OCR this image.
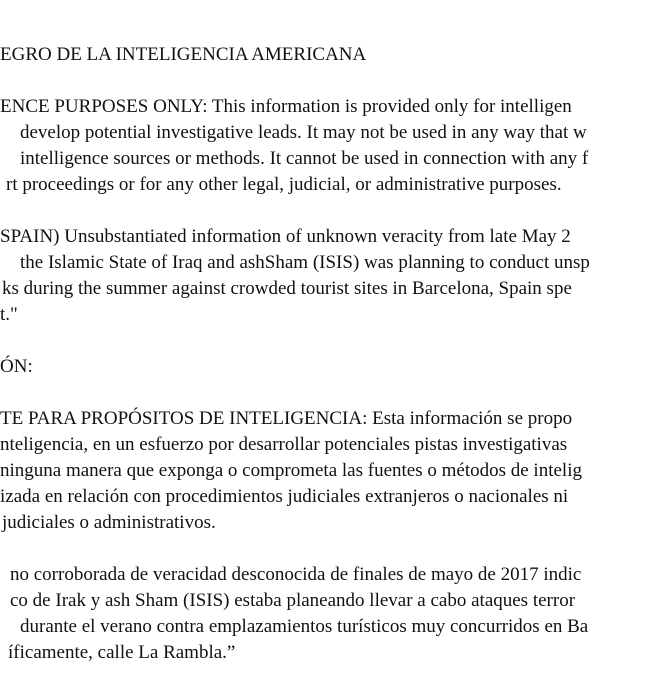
EGRO DE LA INTELIGENCIA AMERICANA
ENCE PURPOSES ONLY: This information is provided only for intelligen
develop potential investigative leads. It may not be used in any way that w
intelligence sources or methods. It cannot be used in connection with any f
rt proceedings or for any other legal, judicial, or administrative purposes.
SPAIN) Unsubstantiated information of unknown veracity from late May 2
the Islamic State of Iraq and ashSham (ISIS) was planning to conduct unsp
ks during the summer against crowded tourist sites in Barcelona, Spain spe
t."
ÓN:
TE PARA PROPÓSITOS DE INTELIGENCIA: Esta información se propo
nteligencia, en un esfuerzo por desarrollar potenciales pistas investigativas
ninguna manera que exponga o comprometa las fuentes o métodos de intelig
izada en relación con procedimientos judiciales extranjeros o nacionales ni
judiciales o administrativos.
no corroborada de veracidad desconocida de finales de mayo de 2017 indic
co de Irak y ash Sham (ISIS) estaba planeando llevar a cabo ataques terror
durante el verano contra emplazamientos turísticos muy concurridos en Ba
íficamente, calle La Rambla.”
